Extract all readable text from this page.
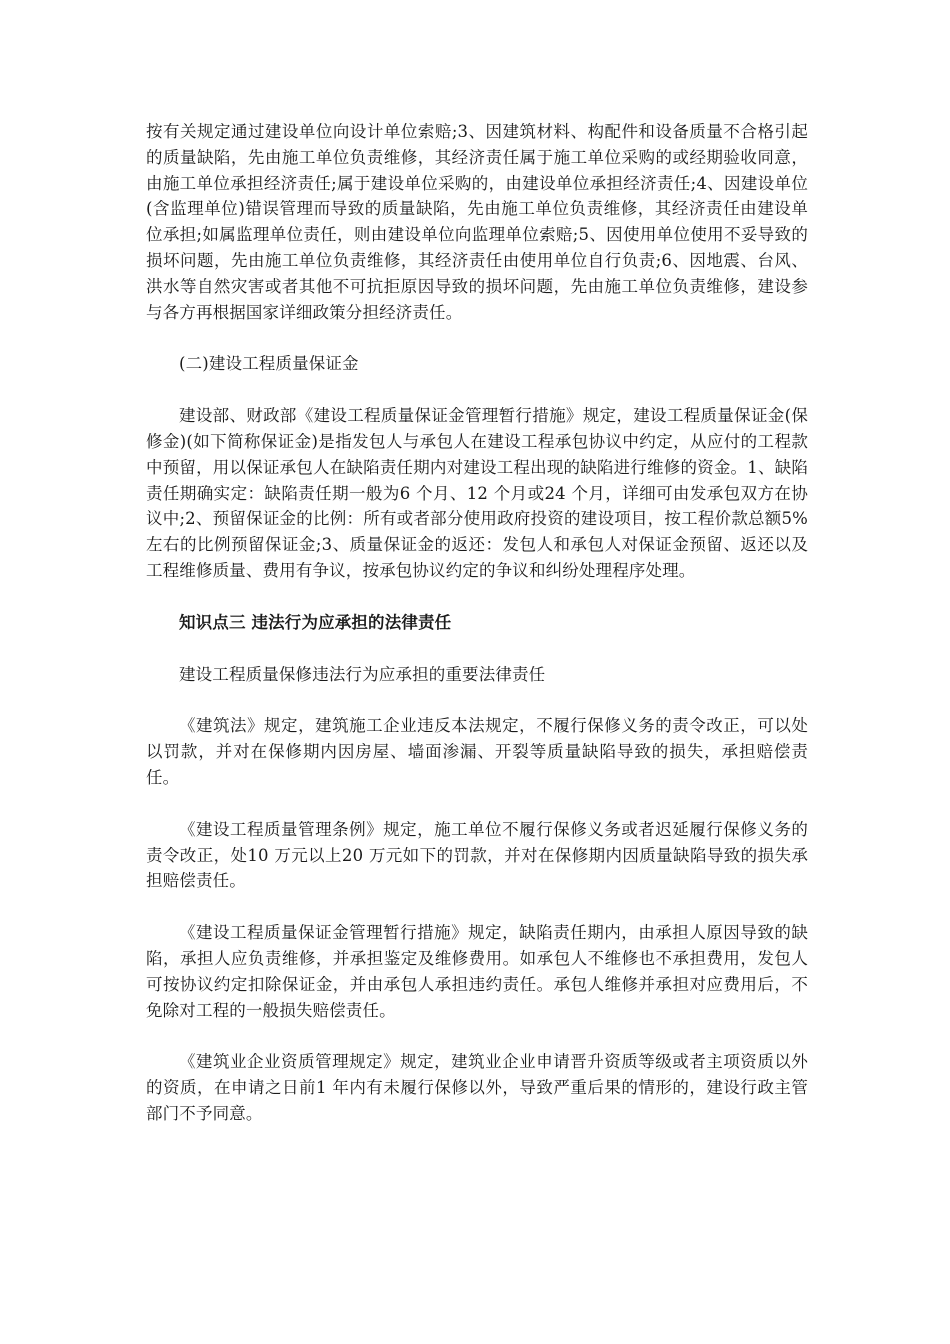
按有关规定通过建设单位向设计单位索赔;3、因建筑材料、构配件和设备质量不合格引起的质量缺陷，先由施工单位负责维修，其经济责任属于施工单位采购的或经期验收同意，由施工单位承担经济责任;属于建设单位采购的，由建设单位承担经济责任;4、因建设单位(含监理单位)错误管理而导致的质量缺陷，先由施工单位负责维修，其经济责任由建设单位承担;如属监理单位责任，则由建设单位向监理单位索赔;5、因使用单位使用不妥导致的损坏问题，先由施工单位负责维修，其经济责任由使用单位自行负责;6、因地震、台风、洪水等自然灾害或者其他不可抗拒原因导致的损坏问题，先由施工单位负责维修，建设参与各方再根据国家详细政策分担经济责任。

(二)建设工程质量保证金

建设部、财政部《建设工程质量保证金管理暂行措施》规定，建设工程质量保证金(保修金)(如下简称保证金)是指发包人与承包人在建设工程承包协议中约定，从应付的工程款中预留，用以保证承包人在缺陷责任期内对建设工程出现的缺陷进行维修的资金。1、缺陷责任期确实定：缺陷责任期一般为6 个月、12 个月或24 个月，详细可由发承包双方在协议中;2、预留保证金的比例：所有或者部分使用政府投资的建设项目，按工程价款总额5%左右的比例预留保证金;3、质量保证金的返还：发包人和承包人对保证金预留、返还以及工程维修质量、费用有争议，按承包协议约定的争议和纠纷处理程序处理。

知识点三 违法行为应承担的法律责任

建设工程质量保修违法行为应承担的重要法律责任

《建筑法》规定，建筑施工企业违反本法规定，不履行保修义务的责令改正，可以处以罚款，并对在保修期内因房屋、墙面渗漏、开裂等质量缺陷导致的损失，承担赔偿责任。

《建设工程质量管理条例》规定，施工单位不履行保修义务或者迟延履行保修义务的责令改正，处10 万元以上20 万元如下的罚款，并对在保修期内因质量缺陷导致的损失承担赔偿责任。

《建设工程质量保证金管理暂行措施》规定，缺陷责任期内，由承担人原因导致的缺陷，承担人应负责维修，并承担鉴定及维修费用。如承包人不维修也不承担费用，发包人可按协议约定扣除保证金，并由承包人承担违约责任。承包人维修并承担对应费用后，不免除对工程的一般损失赔偿责任。

《建筑业企业资质管理规定》规定，建筑业企业申请晋升资质等级或者主项资质以外的资质，在申请之日前1 年内有未履行保修以外，导致严重后果的情形的，建设行政主管部门不予同意。
